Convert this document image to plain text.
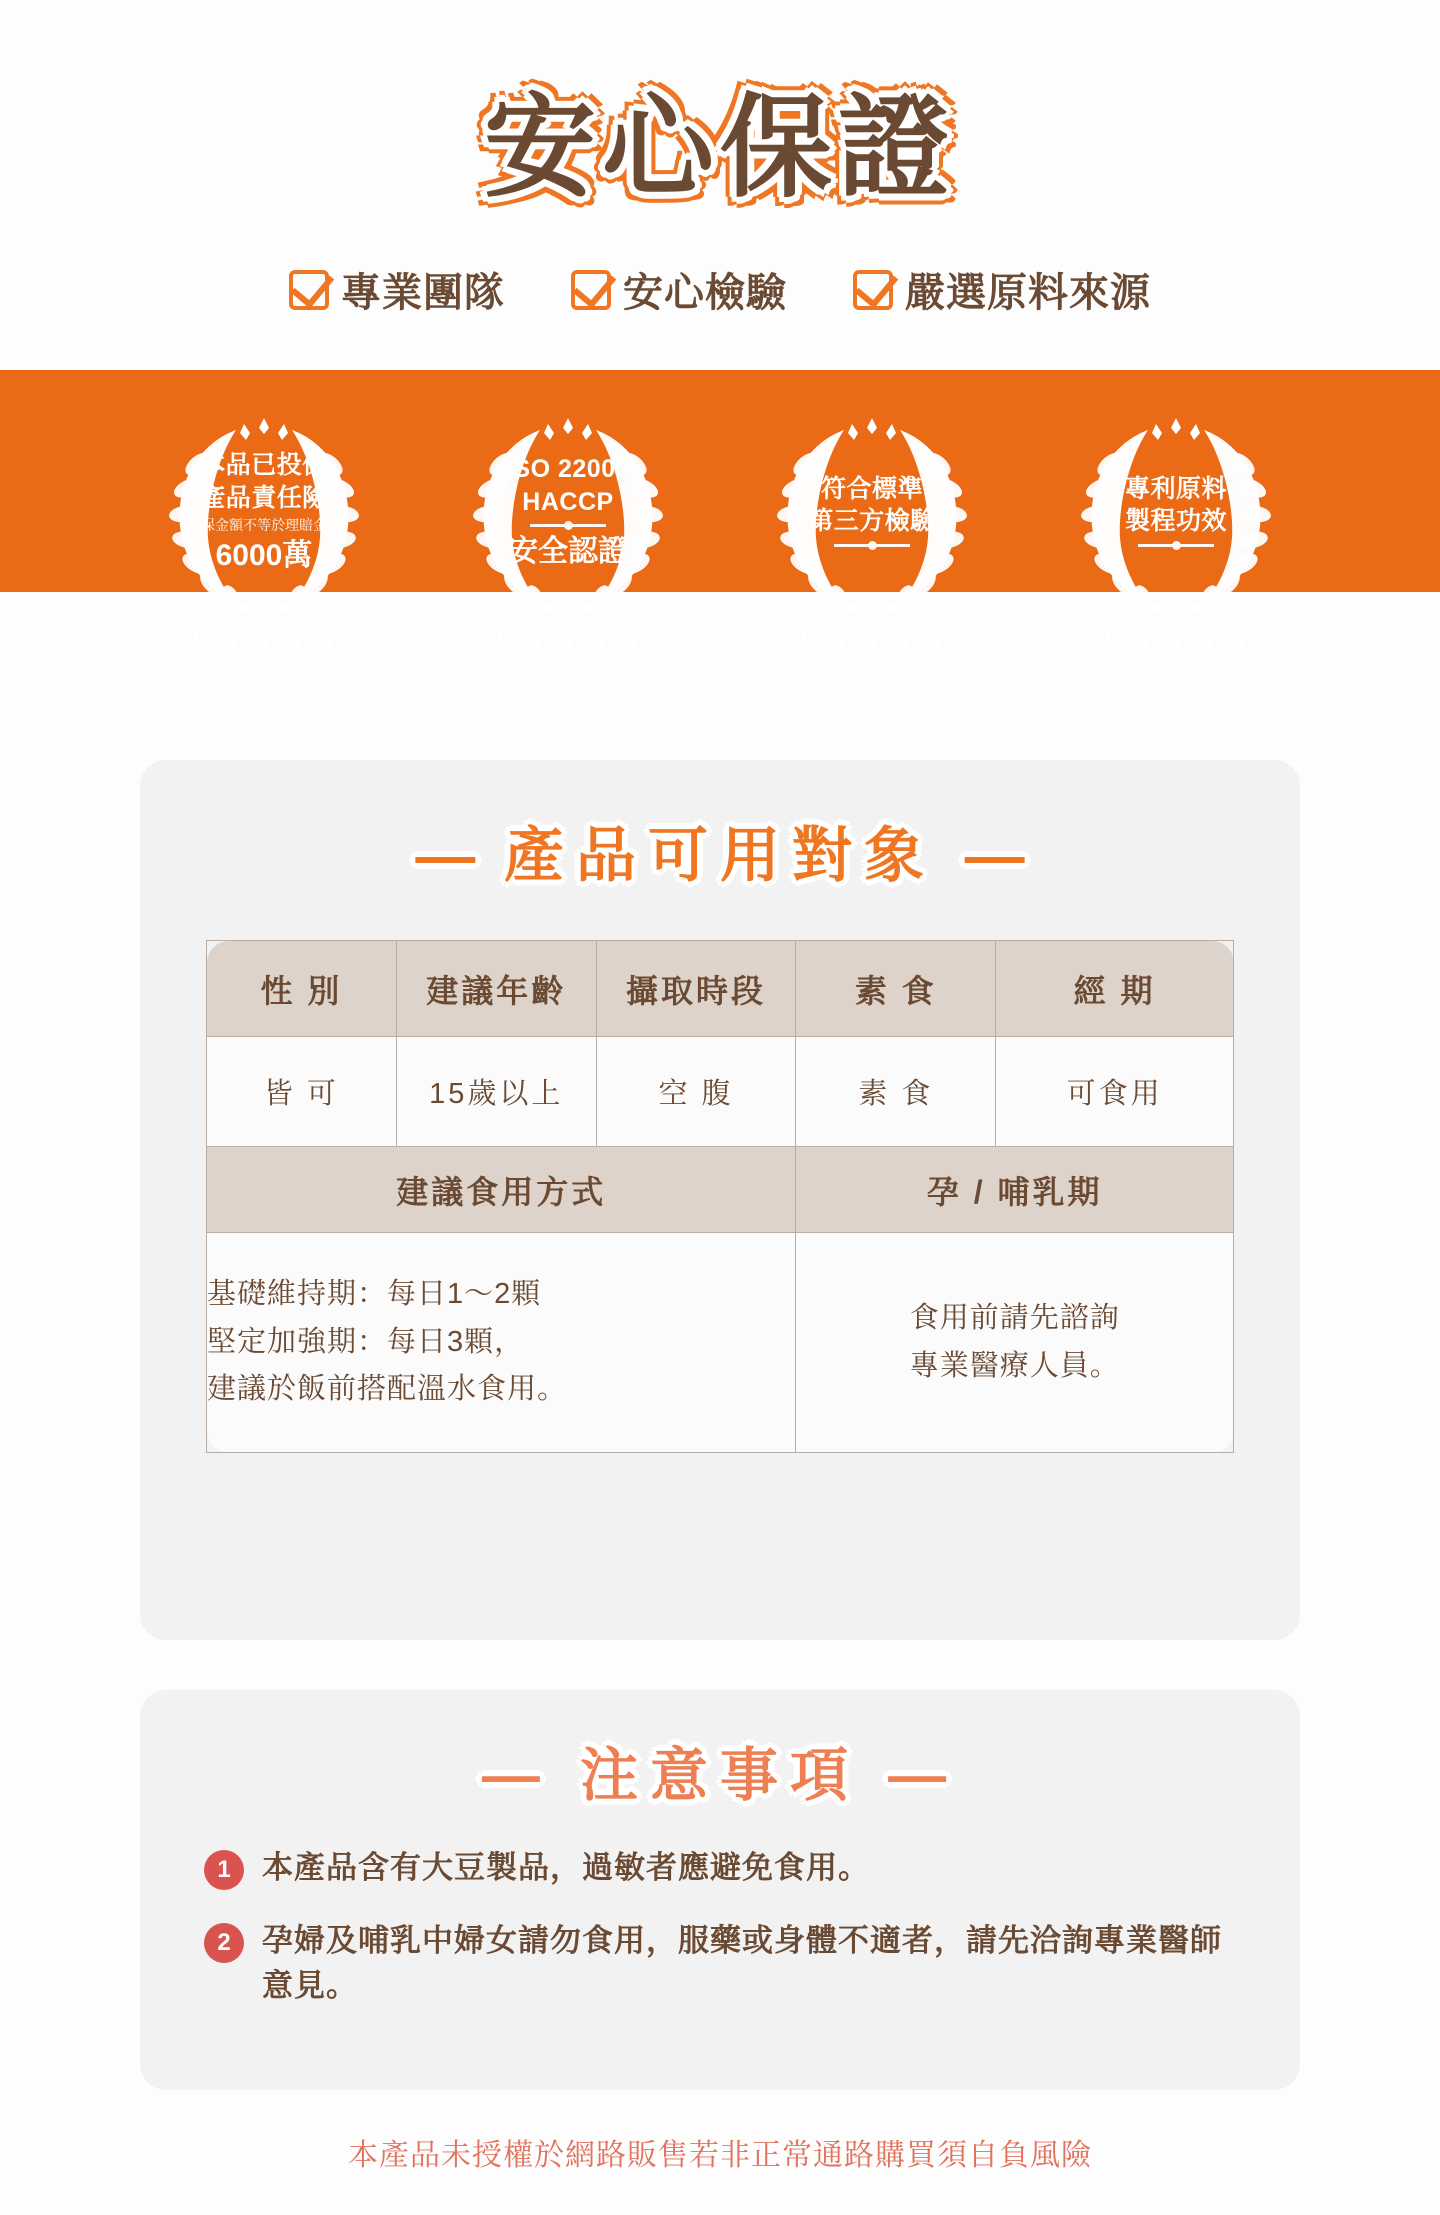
安心保證
專業團隊	安心檢驗	嚴選原料來源
本品已投保
產品責任險
投保金額不等於理賠金額
6000萬
★★★★★
ISO 22000
HACCP
安全認證
★★★★★
符合標準
第三方檢驗
★★★★★
專利原料
製程功效
★★★★★
— 產品可用對象 —
性 別	建議年齡	攝取時段	素 食	經 期
皆 可	15歲以上	空 腹	素 食	可食用
建議食用方式			孕 / 哺乳期	
基礎維持期：每日1～2顆 堅定加強期：每日3顆， 建議於飯前搭配溫水食用。	
食用前請先諮詢
專業醫療人員。
— 注意事項 —
1	本產品含有大豆製品，過敏者應避免食用。
2	孕婦及哺乳中婦女請勿食用，服藥或身體不適者，請先洽詢專業醫師意見。
本產品未授權於網路販售若非正常通路購買須自負風險
